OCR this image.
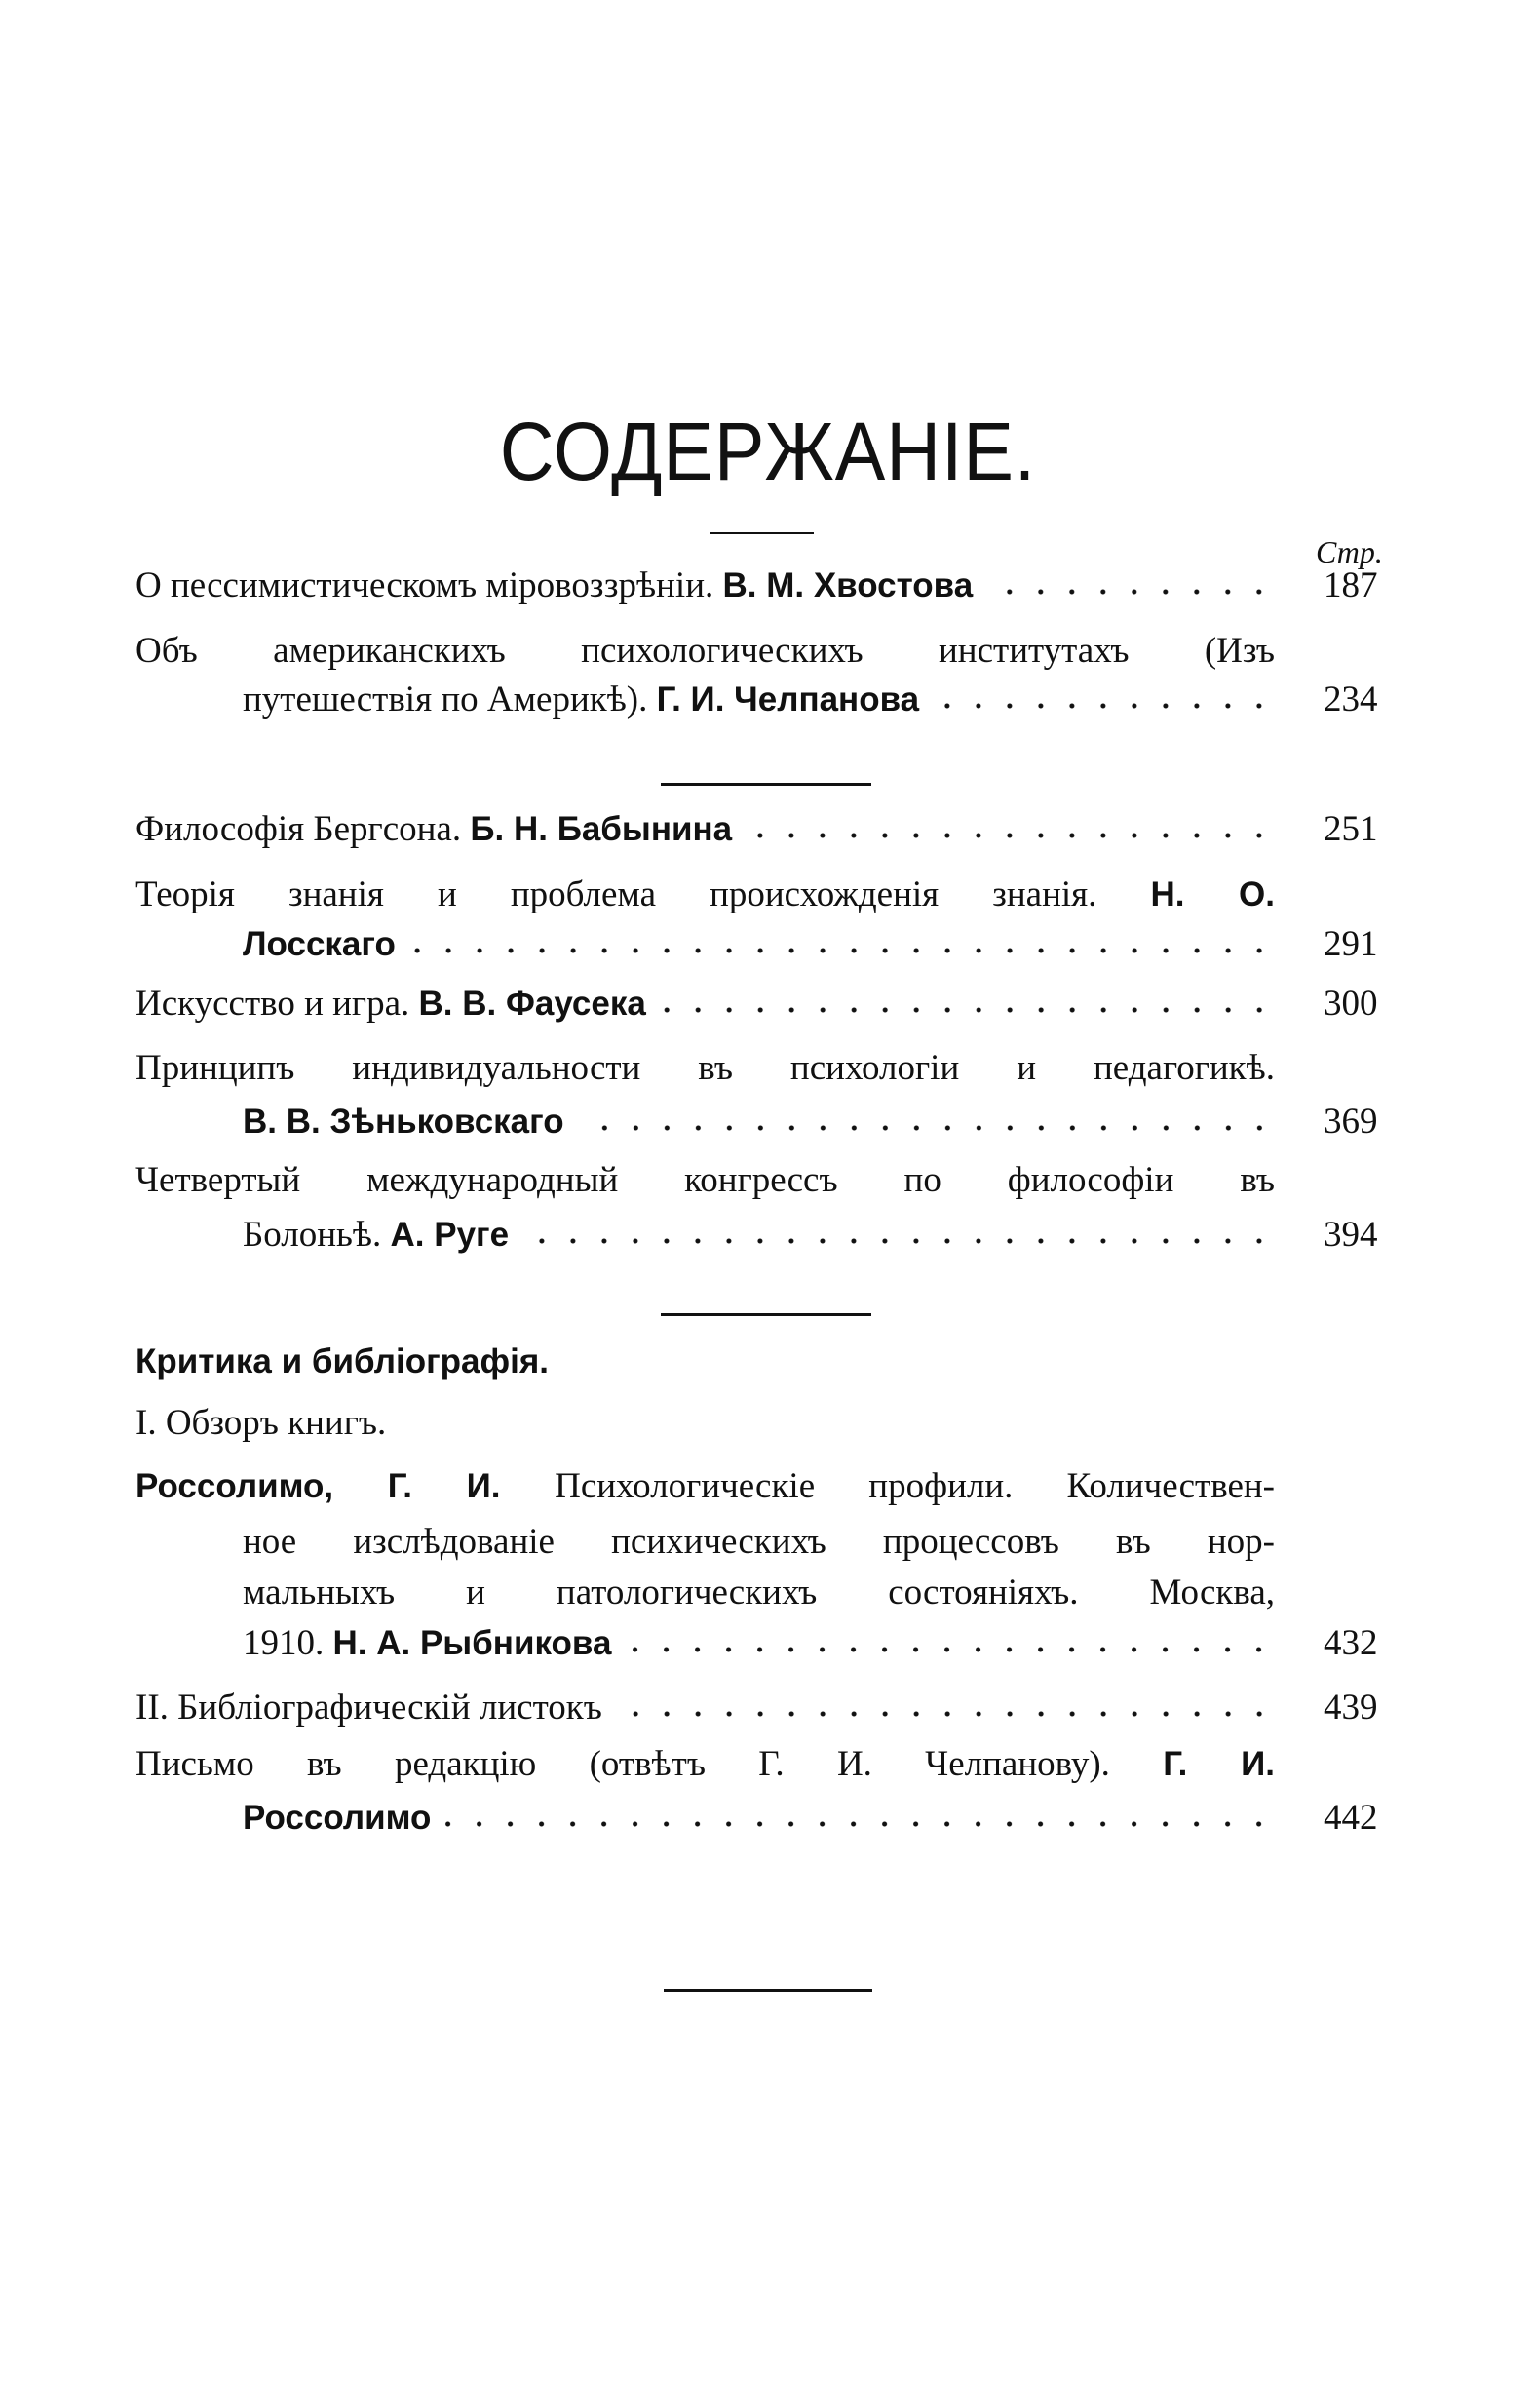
СОДЕРЖАНІЕ.
Стр.
О пессимистическомъ міровоззрѣніи. В. М. Хвостова	187
Объ американскихъ психологическихъ институтахъ (Изъ
путешествія по Америкѣ). Г. И. Челпанова	234
Философія Бергсона. Б. Н. Бабынина	251
Теорія знанія и проблема происхожденія знанія. Н. О.
Лосскаго	291
Искусство и игра. В. В. Фаусека	300
Принципъ индивидуальности въ психологіи и педагогикѣ.
В. В. Зѣньковскаго	369
Четвертый международный конгрессъ по философіи въ
Болоньѣ. А. Руге	394
Критика и библіографія.
I. Обзоръ книгъ.
Россолимо, Г. И. Психологическіе профили. Количествен-
ное изслѣдованіе психическихъ процессовъ въ нор-
мальныхъ и патологическихъ состояніяхъ. Москва,
1910. Н. А. Рыбникова	432
II. Библіографическій листокъ	439
Письмо въ редакцію (отвѣтъ Г. И. Челпанову). Г. И.
Россолимо	442
